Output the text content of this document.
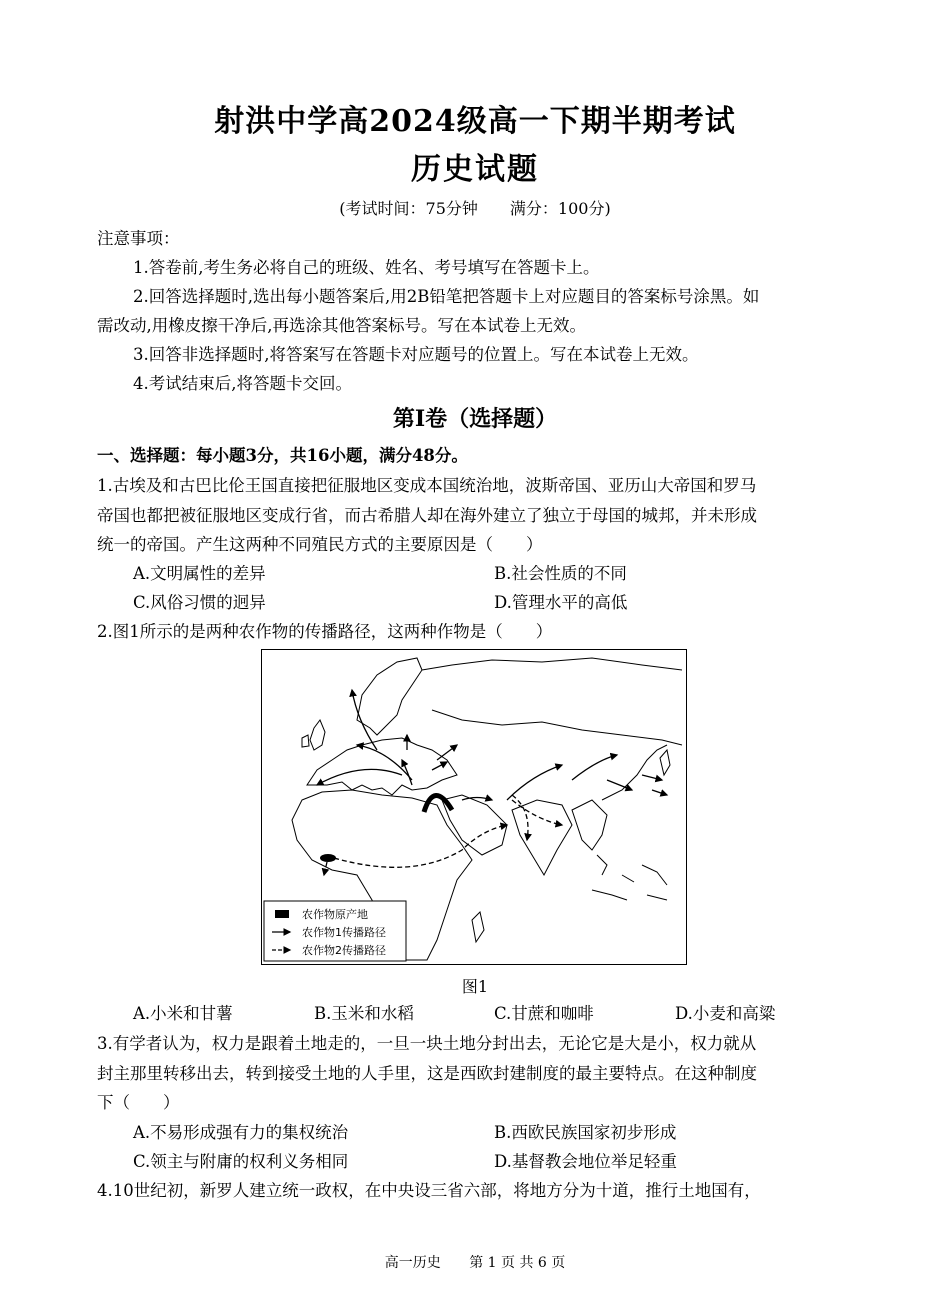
射洪中学高2024级高一下期半期考试
历史试题
(考试时间：75分钟　　满分：100分)
注意事项：
1.答卷前,考生务必将自己的班级、姓名、考号填写在答题卡上。
2.回答选择题时,选出每小题答案后,用2B铅笔把答题卡上对应题目的答案标号涂黑。如
需改动,用橡皮擦干净后,再选涂其他答案标号。写在本试卷上无效。
3.回答非选择题时,将答案写在答题卡对应题号的位置上。写在本试卷上无效。
4.考试结束后,将答题卡交回。
第I卷（选择题）
一、选择题：每小题3分，共16小题，满分48分。
1.古埃及和古巴比伦王国直接把征服地区变成本国统治地，波斯帝国、亚历山大帝国和罗马
帝国也都把被征服地区变成行省，而古希腊人却在海外建立了独立于母国的城邦，并未形成
统一的帝国。产生这两种不同殖民方式的主要原因是（　　）
A.文明属性的差异	B.社会性质的不同
C.风俗习惯的迥异	D.管理水平的高低
2.图1所示的是两种农作物的传播路径，这两种作物是（　　）
农作物原产地
农作物1传播路径
农作物2传播路径
图1
A.小米和甘薯	B.玉米和水稻	C.甘蔗和咖啡	D.小麦和高粱
3.有学者认为，权力是跟着土地走的，一旦一块土地分封出去，无论它是大是小，权力就从
封主那里转移出去，转到接受土地的人手里，这是西欧封建制度的最主要特点。在这种制度
下（　　）
A.不易形成强有力的集权统治	B.西欧民族国家初步形成
C.领主与附庸的权利义务相同	D.基督教会地位举足轻重
4.10世纪初，新罗人建立统一政权，在中央设三省六部，将地方分为十道，推行土地国有，
高一历史 第 1 页 共 6 页
